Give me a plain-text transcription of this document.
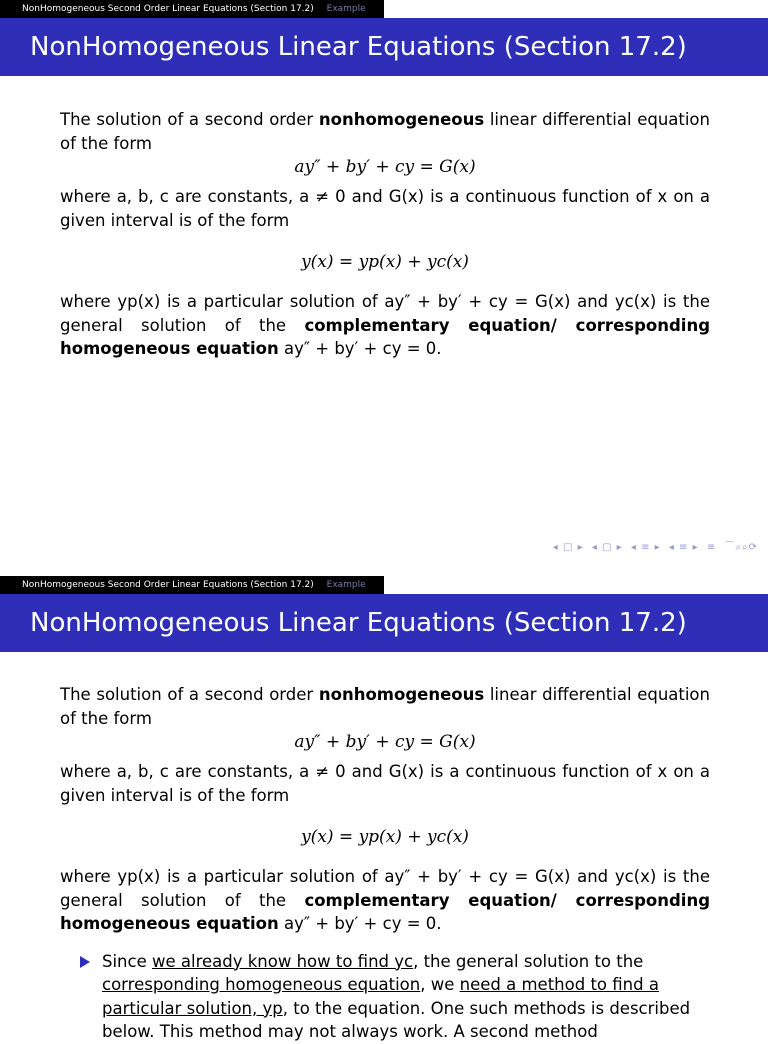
NonHomogeneous Second Order Linear Equations (Section 17.2) Example
NonHomogeneous Linear Equations (Section 17.2)

The solution of a second order nonhomogeneous linear differential equation of the form

ay″ + by′ + cy = G(x)

where a, b, c are constants, a ≠ 0 and G(x) is a continuous function of x on a given interval is of the form

y(x) = yp(x) + yc(x)

where yp(x) is a particular solution of ay″ + by′ + cy = G(x) and yc(x) is the general solution of the complementary equation/ corresponding homogeneous equation ay″ + by′ + cy = 0.

◂ □ ▸ ◂ ▢ ▸ ◂ ≡ ▸ ◂ ≡ ▸ ≡ ⌒⌕⌕⟳
NonHomogeneous Second Order Linear Equations (Section 17.2) Example
NonHomogeneous Linear Equations (Section 17.2)

The solution of a second order nonhomogeneous linear differential equation of the form

ay″ + by′ + cy = G(x)

where a, b, c are constants, a ≠ 0 and G(x) is a continuous function of x on a given interval is of the form

y(x) = yp(x) + yc(x)

where yp(x) is a particular solution of ay″ + by′ + cy = G(x) and yc(x) is the general solution of the complementary equation/ corresponding homogeneous equation ay″ + by′ + cy = 0.

Since we already know how to find yc, the general solution to the corresponding homogeneous equation, we need a method to find a particular solution, yp, to the equation. One such methods is described below. This method may not always work. A second method
